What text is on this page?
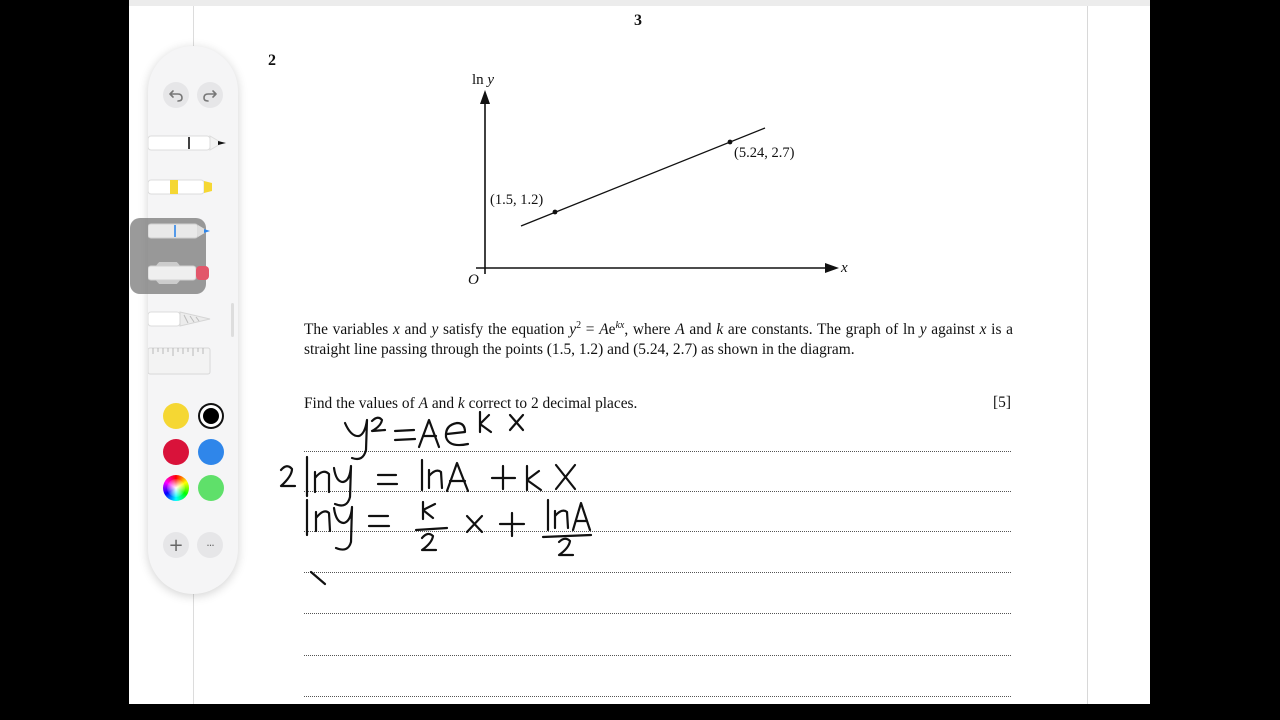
3
2
ln y
x
O
(1.5, 1.2)
(5.24, 2.7)
The variables x and y satisfy the equation $y^2 = Ae^{kx}$, where A and k are constants. The graph of ln y against x is a straight line passing through the points (1.5, 1.2) and (5.24, 2.7) as shown in the diagram.
Find the values of A and k correct to 2 decimal places.	[5]
+ ···
